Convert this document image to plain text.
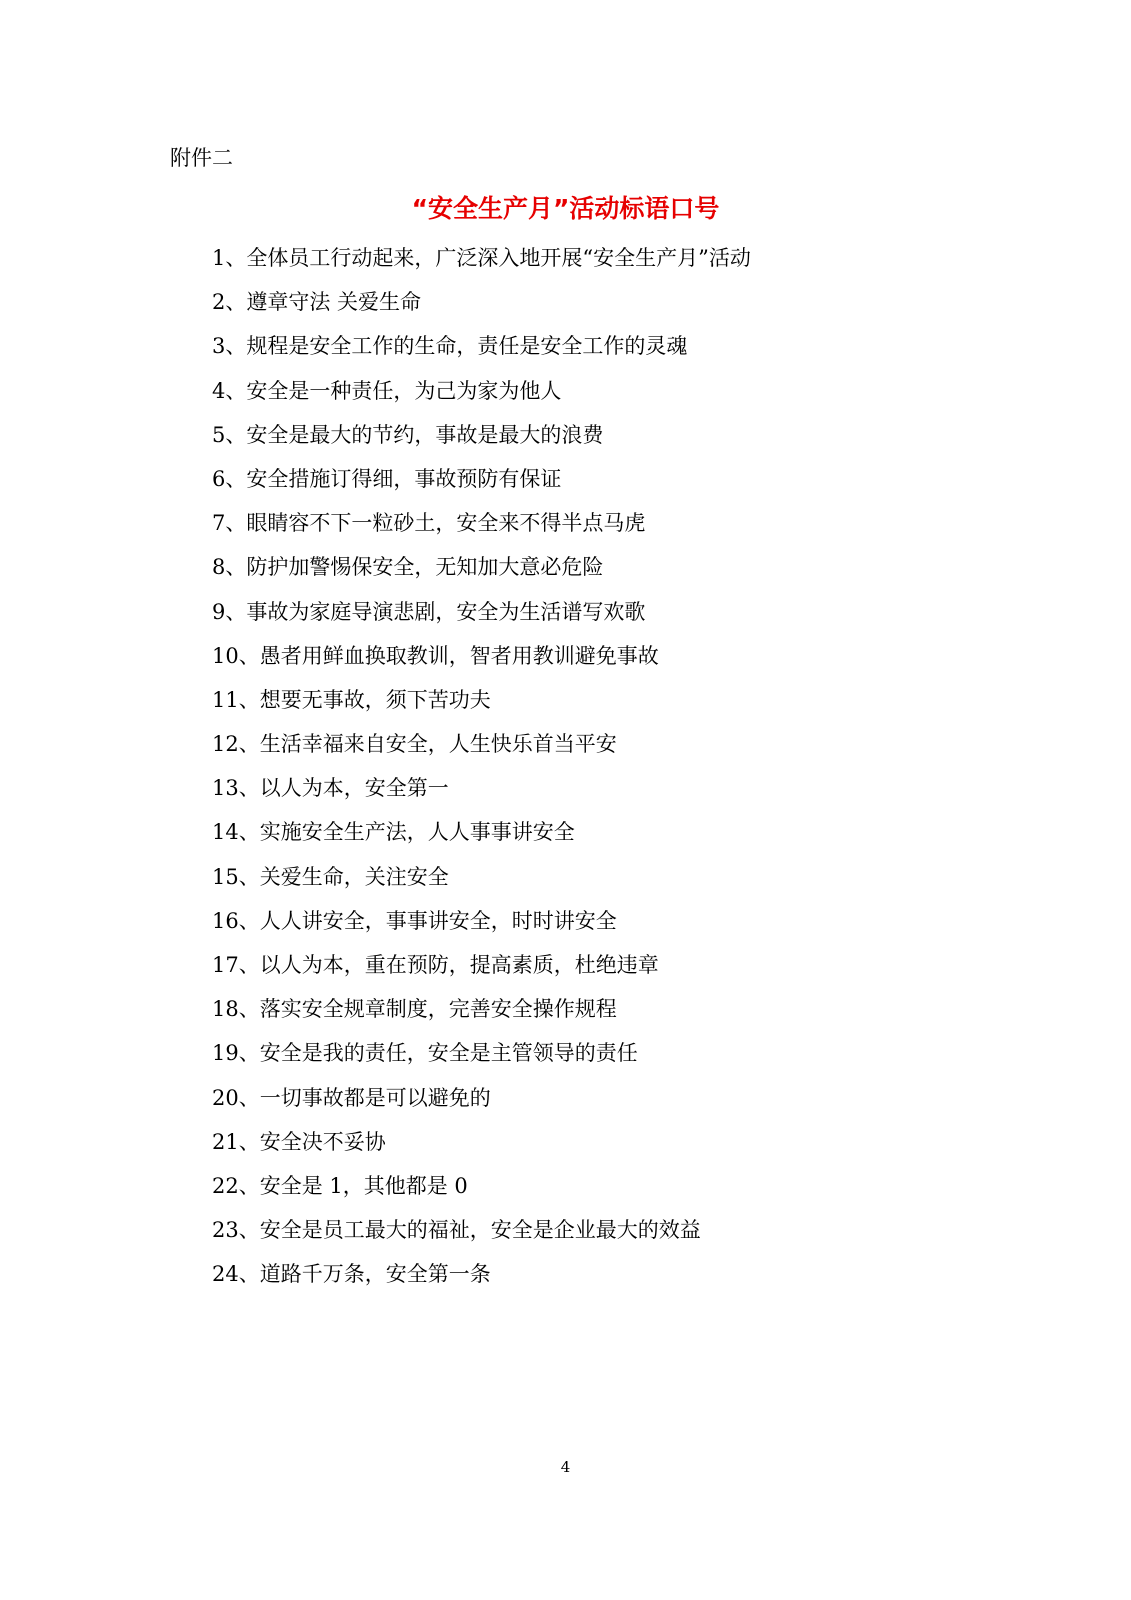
附件二
“安全生产月”活动标语口号
1、全体员工行动起来，广泛深入地开展“安全生产月”活动
2、遵章守法 关爱生命
3、规程是安全工作的生命，责任是安全工作的灵魂
4、安全是一种责任，为己为家为他人
5、安全是最大的节约，事故是最大的浪费
6、安全措施订得细，事故预防有保证
7、眼睛容不下一粒砂土，安全来不得半点马虎
8、防护加警惕保安全，无知加大意必危险
9、事故为家庭导演悲剧，安全为生活谱写欢歌
10、愚者用鲜血换取教训，智者用教训避免事故
11、想要无事故，须下苦功夫
12、生活幸福来自安全，人生快乐首当平安
13、以人为本，安全第一
14、实施安全生产法，人人事事讲安全
15、关爱生命，关注安全
16、人人讲安全，事事讲安全，时时讲安全
17、以人为本，重在预防，提高素质，杜绝违章
18、落实安全规章制度，完善安全操作规程
19、安全是我的责任，安全是主管领导的责任
20、一切事故都是可以避免的
21、安全决不妥协
22、安全是 1，其他都是 0
23、安全是员工最大的福祉，安全是企业最大的效益
24、道路千万条，安全第一条
4
